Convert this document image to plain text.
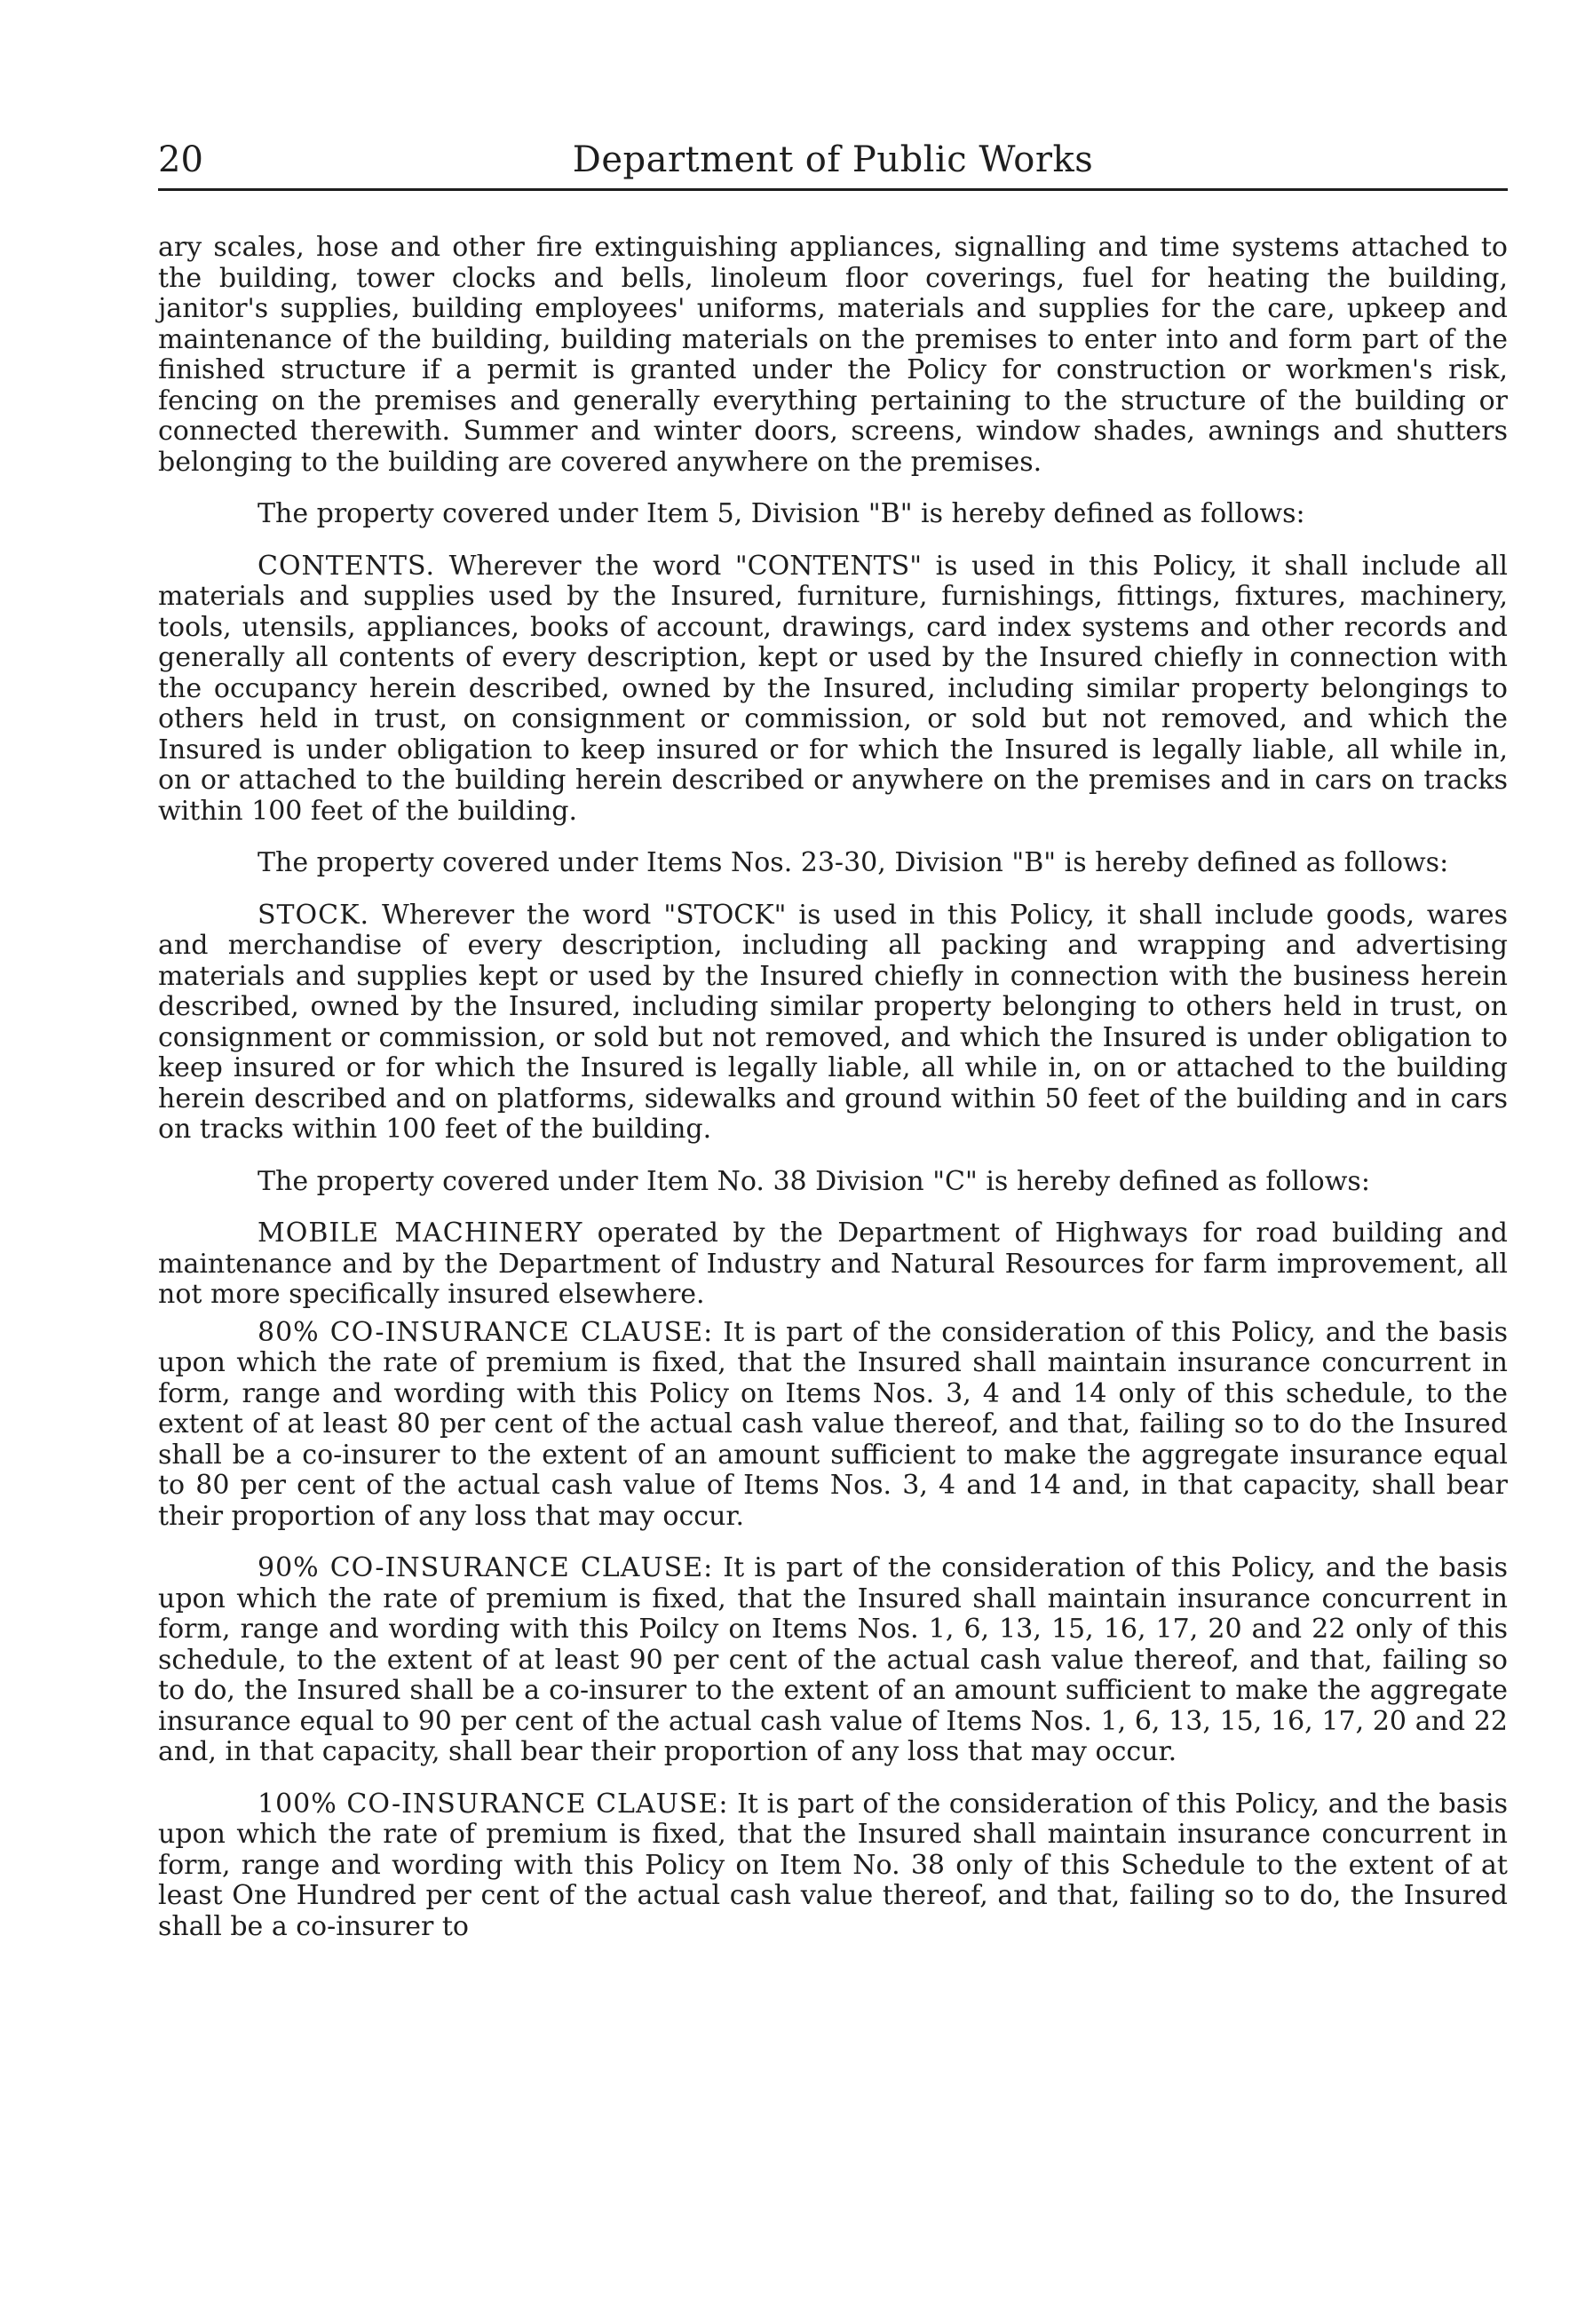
20	Department of Public Works

ary scales, hose and other fire extinguishing appliances, signalling and time systems attached to the building, tower clocks and bells, linoleum floor coverings, fuel for heating the building, janitor's supplies, building employees' uniforms, materials and supplies for the care, upkeep and maintenance of the building, building materials on the premises to enter into and form part of the finished structure if a permit is granted under the Policy for construction or workmen's risk, fencing on the premises and generally everything pertaining to the structure of the building or connected therewith. Summer and winter doors, screens, window shades, awnings and shutters belonging to the building are covered anywhere on the premises.

The property covered under Item 5, Division "B" is hereby defined as follows:

CONTENTS. Wherever the word "CONTENTS" is used in this Policy, it shall include all materials and supplies used by the Insured, furniture, furnishings, fittings, fixtures, machinery, tools, utensils, appliances, books of account, drawings, card index systems and other records and generally all contents of every description, kept or used by the Insured chiefly in connection with the occupancy herein described, owned by the Insured, including similar property belongings to others held in trust, on consignment or commission, or sold but not removed, and which the Insured is under obligation to keep insured or for which the Insured is legally liable, all while in, on or attached to the building herein described or anywhere on the premises and in cars on tracks within 100 feet of the building.

The property covered under Items Nos. 23-30, Division "B" is hereby defined as follows:

STOCK. Wherever the word "STOCK" is used in this Policy, it shall include goods, wares and merchandise of every description, including all packing and wrapping and advertising materials and supplies kept or used by the Insured chiefly in connection with the business herein described, owned by the Insured, including similar property belonging to others held in trust, on consignment or commission, or sold but not removed, and which the Insured is under obligation to keep insured or for which the Insured is legally liable, all while in, on or attached to the building herein described and on platforms, sidewalks and ground within 50 feet of the building and in cars on tracks within 100 feet of the building.

The property covered under Item No. 38 Division "C" is hereby defined as follows:

MOBILE MACHINERY operated by the Department of Highways for road building and maintenance and by the Department of Industry and Natural Resources for farm improvement, all not more specifically insured elsewhere.

80% CO-INSURANCE CLAUSE: It is part of the consideration of this Policy, and the basis upon which the rate of premium is fixed, that the Insured shall maintain insurance concurrent in form, range and wording with this Policy on Items Nos. 3, 4 and 14 only of this schedule, to the extent of at least 80 per cent of the actual cash value thereof, and that, failing so to do the Insured shall be a co-insurer to the extent of an amount sufficient to make the aggregate insurance equal to 80 per cent of the actual cash value of Items Nos. 3, 4 and 14 and, in that capacity, shall bear their proportion of any loss that may occur.

90% CO-INSURANCE CLAUSE: It is part of the consideration of this Policy, and the basis upon which the rate of premium is fixed, that the Insured shall maintain insurance concurrent in form, range and wording with this Poilcy on Items Nos. 1, 6, 13, 15, 16, 17, 20 and 22 only of this schedule, to the extent of at least 90 per cent of the actual cash value thereof, and that, failing so to do, the Insured shall be a co-insurer to the extent of an amount sufficient to make the aggregate insurance equal to 90 per cent of the actual cash value of Items Nos. 1, 6, 13, 15, 16, 17, 20 and 22 and, in that capacity, shall bear their proportion of any loss that may occur.

100% CO-INSURANCE CLAUSE: It is part of the consideration of this Policy, and the basis upon which the rate of premium is fixed, that the Insured shall maintain insurance concurrent in form, range and wording with this Policy on Item No. 38 only of this Schedule to the extent of at least One Hundred per cent of the actual cash value thereof, and that, failing so to do, the Insured shall be a co-insurer to
